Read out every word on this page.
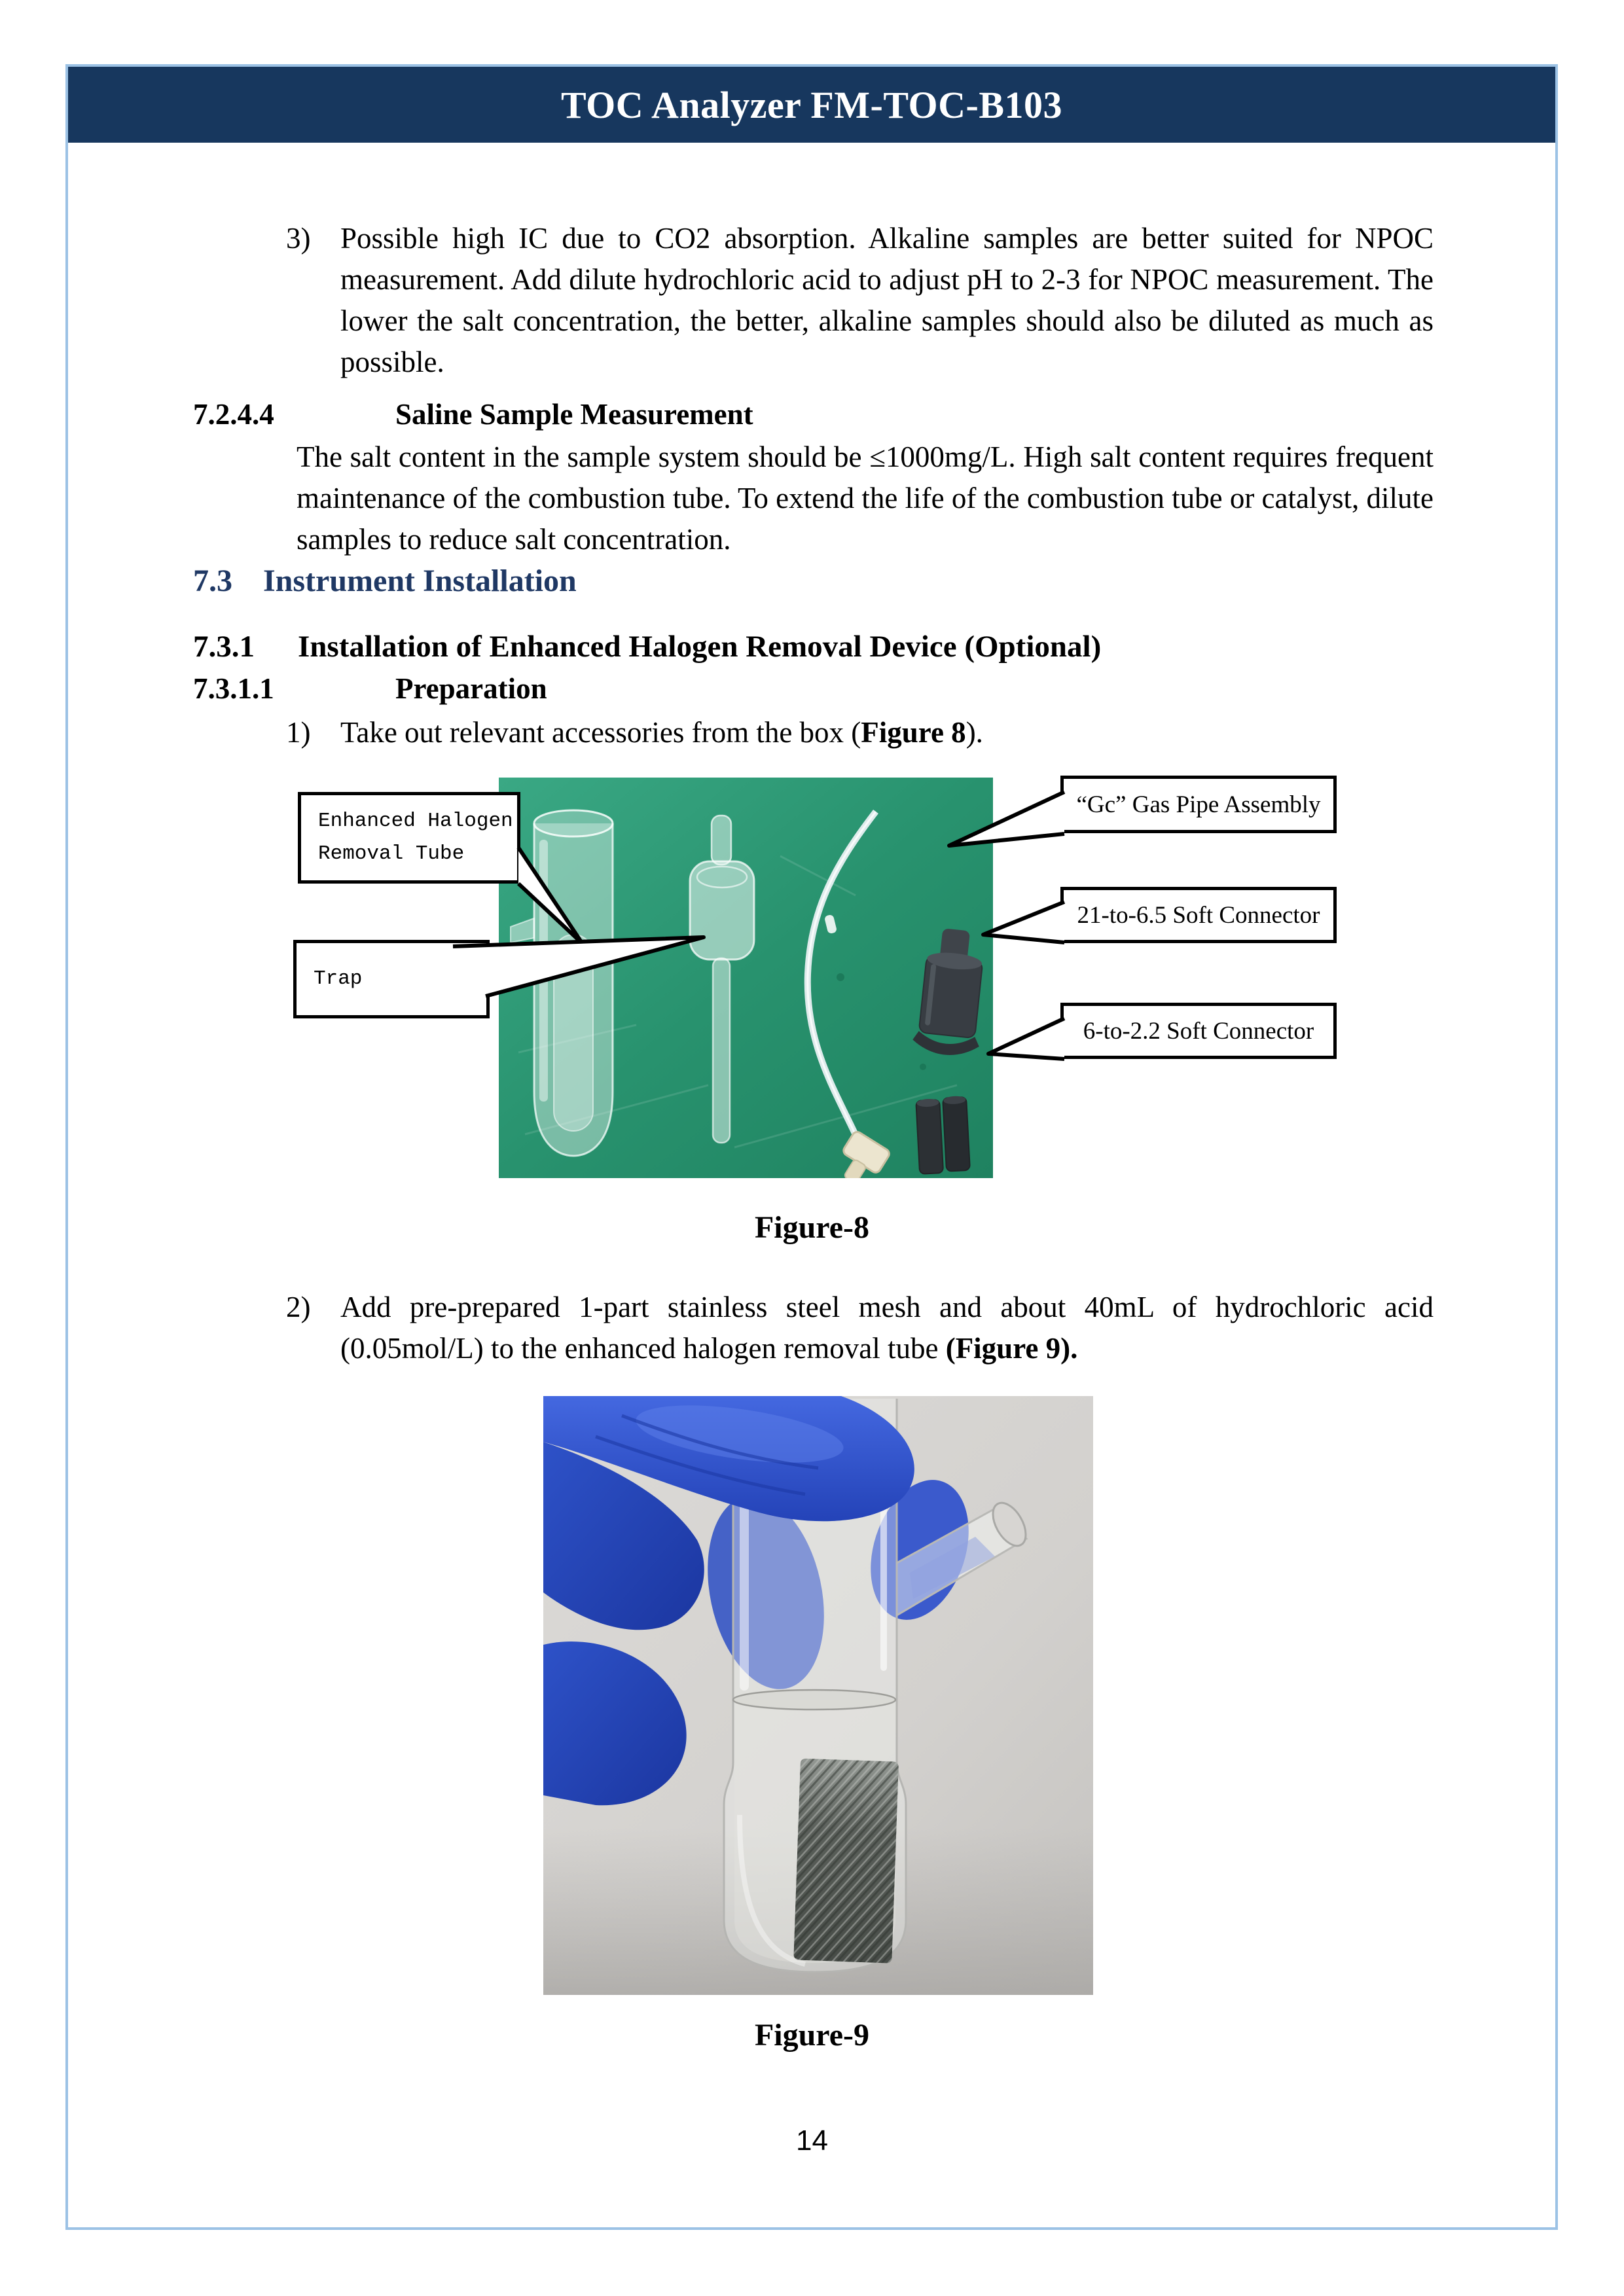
TOC Analyzer FM-TOC-B103
3)	Possible high IC due to CO2 absorption. Alkaline samples are better suited for NPOC measurement. Add dilute hydrochloric acid to adjust pH to 2-3 for NPOC measurement. The lower the salt concentration, the better, alkaline samples should also be diluted as much as possible.
7.2.4.4	Saline Sample Measurement
The salt content in the sample system should be ≤1000mg/L. High salt content requires frequent maintenance of the combustion tube. To extend the life of the combustion tube or catalyst, dilute samples to reduce salt concentration.
7.3 Instrument Installation
7.3.1	Installation of Enhanced Halogen Removal Device (Optional)
7.3.1.1	Preparation
1)	Take out relevant accessories from the box (Figure 8).
Enhanced Halogen
Removal Tube
Trap
“Gc” Gas Pipe Assembly
21-to-6.5 Soft Connector
6-to-2.2 Soft Connector
Figure-8
2)	Add pre-prepared 1-part stainless steel mesh and about 40mL of hydrochloric acid (0.05mol/L) to the enhanced halogen removal tube (Figure 9).
Figure-9
14
